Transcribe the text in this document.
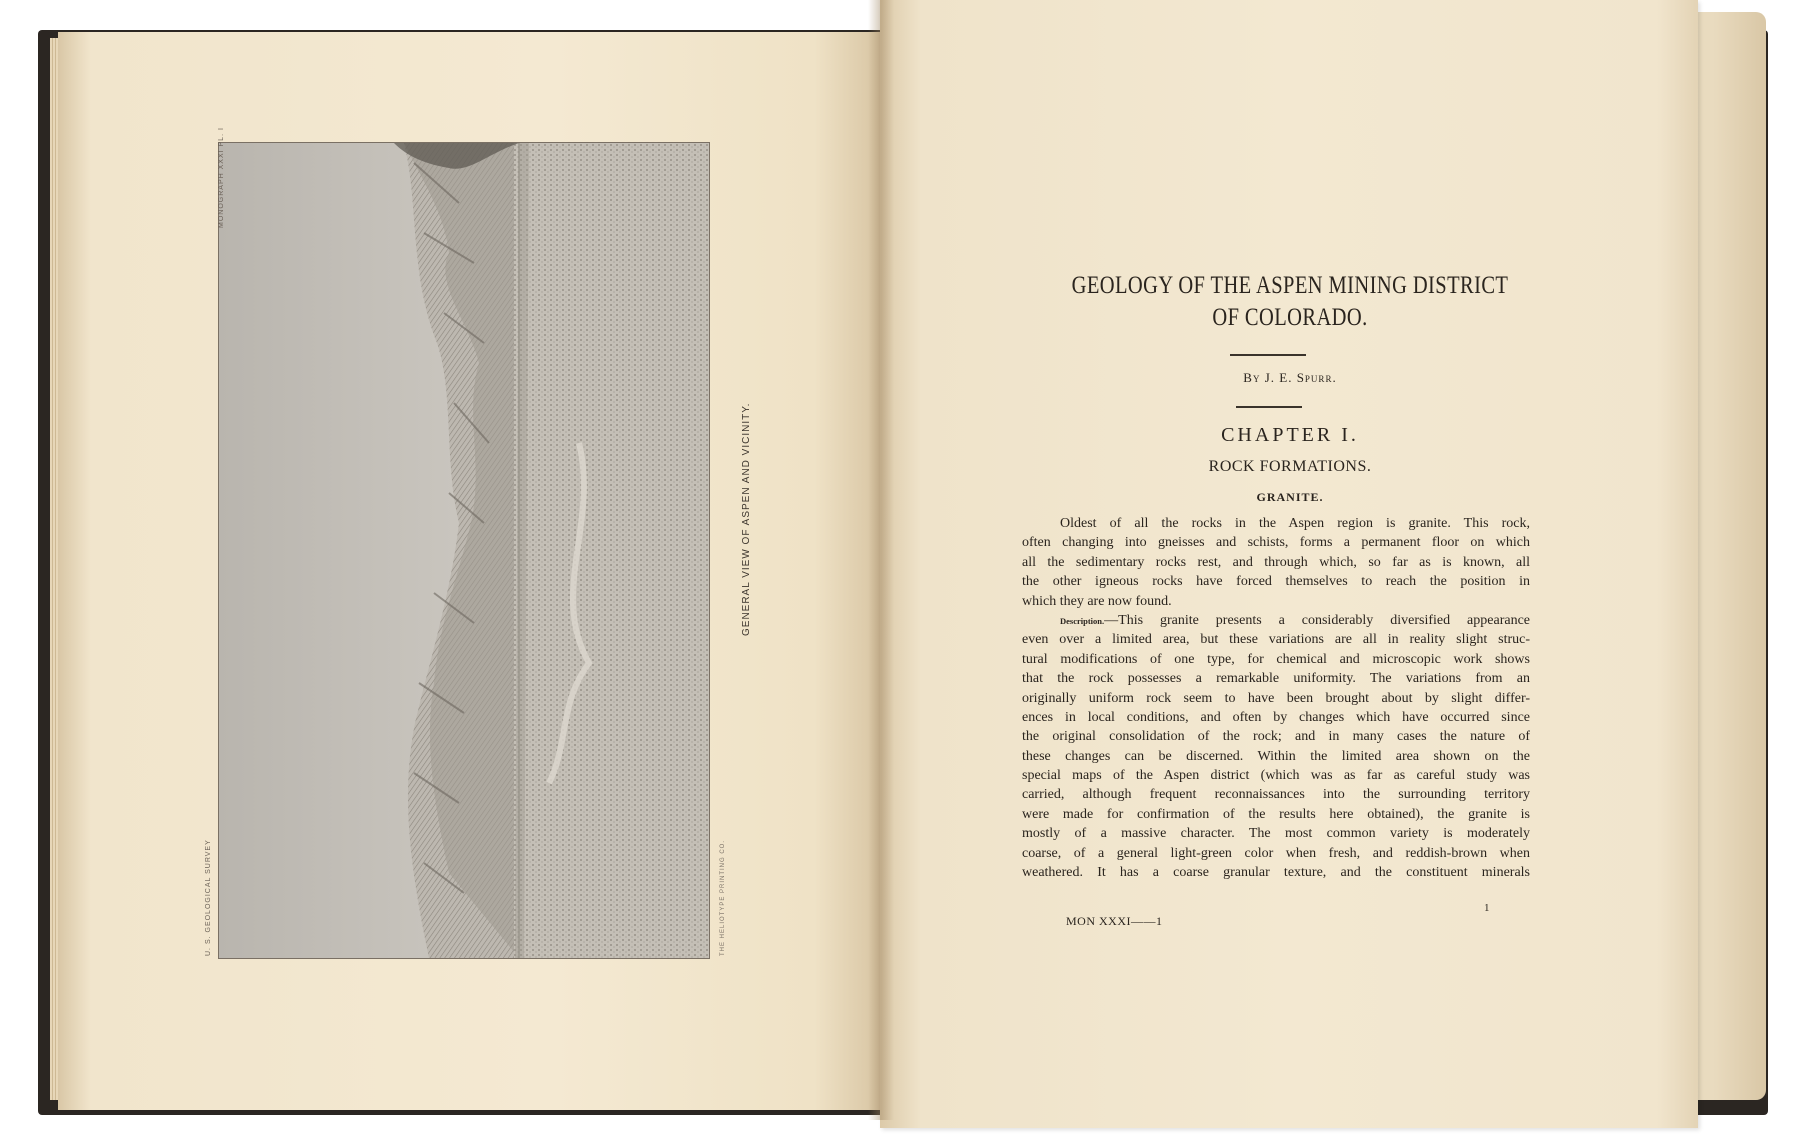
GENERAL VIEW OF ASPEN AND VICINITY.
U. S. GEOLOGICAL SURVEY
MONOGRAPH XXXI PL. I
THE HELIOTYPE PRINTING CO.
GEOLOGY OF THE ASPEN MINING DISTRICT OF COLORADO.
By J. E. Spurr.
CHAPTER I.
ROCK FORMATIONS.
GRANITE.
Oldest of all the rocks in the Aspen region is granite. This rock,
often changing into gneisses and schists, forms a permanent floor on which
all the sedimentary rocks rest, and through which, so far as is known, all
the other igneous rocks have forced themselves to reach the position in
which they are now found.
Description.—This granite presents a considerably diversified appearance
even over a limited area, but these variations are all in reality slight struc-
tural modifications of one type, for chemical and microscopic work shows
that the rock possesses a remarkable uniformity. The variations from an
originally uniform rock seem to have been brought about by slight differ-
ences in local conditions, and often by changes which have occurred since
the original consolidation of the rock; and in many cases the nature of
these changes can be discerned. Within the limited area shown on the
special maps of the Aspen district (which was as far as careful study was
carried, although frequent reconnaissances into the surrounding territory
were made for confirmation of the results here obtained), the granite is
mostly of a massive character. The most common variety is moderately
coarse, of a general light-green color when fresh, and reddish-brown when
weathered. It has a coarse granular texture, and the constituent minerals
MON XXXI——1
1
